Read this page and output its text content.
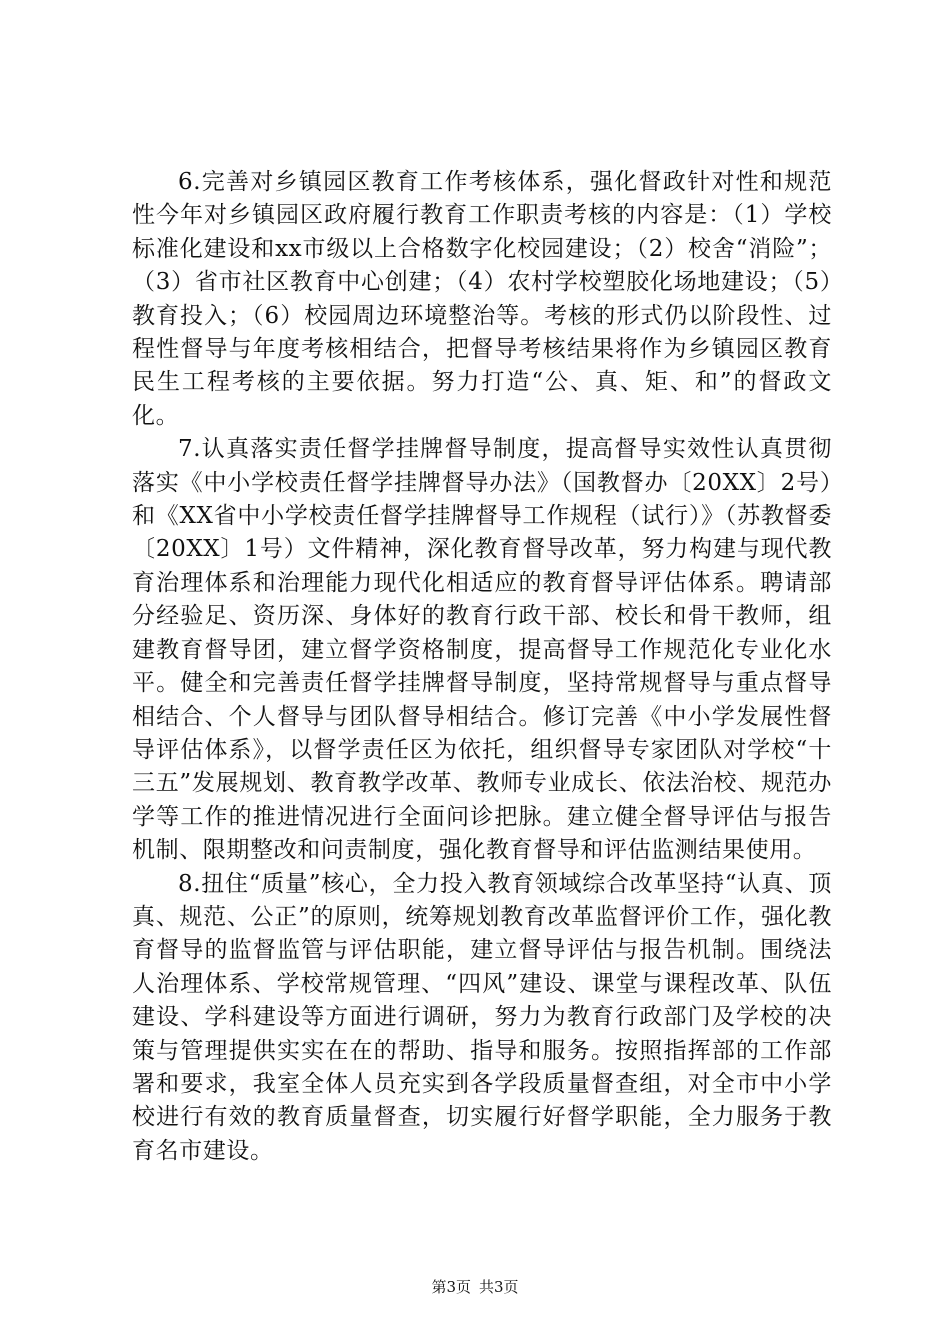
6.完善对乡镇园区教育工作考核体系，强化督政针对性和规范性今年对乡镇园区政府履行教育工作职责考核的内容是：（1）学校标准化建设和xx市级以上合格数字化校园建设；（2）校舍“消险”；（3）省市社区教育中心创建；（4）农村学校塑胶化场地建设；（5）教育投入；（6）校园周边环境整治等。考核的形式仍以阶段性、过程性督导与年度考核相结合，把督导考核结果将作为乡镇园区教育民生工程考核的主要依据。努力打造“公、真、矩、和”的督政文化。

7.认真落实责任督学挂牌督导制度，提高督导实效性认真贯彻落实《中小学校责任督学挂牌督导办法》（国教督办〔20XX〕2号）和《XX省中小学校责任督学挂牌督导工作规程（试行）》（苏教督委〔20XX〕1号）文件精神，深化教育督导改革，努力构建与现代教育治理体系和治理能力现代化相适应的教育督导评估体系。聘请部分经验足、资历深、身体好的教育行政干部、校长和骨干教师，组建教育督导团，建立督学资格制度，提高督导工作规范化专业化水平。健全和完善责任督学挂牌督导制度，坚持常规督导与重点督导相结合、个人督导与团队督导相结合。修订完善《中小学发展性督导评估体系》，以督学责任区为依托，组织督导专家团队对学校“十三五”发展规划、教育教学改革、教师专业成长、依法治校、规范办学等工作的推进情况进行全面问诊把脉。建立健全督导评估与报告机制、限期整改和问责制度，强化教育督导和评估监测结果使用。

8.扭住“质量”核心，全力投入教育领域综合改革坚持“认真、顶真、规范、公正”的原则，统筹规划教育改革监督评价工作，强化教育督导的监督监管与评估职能，建立督导评估与报告机制。围绕法人治理体系、学校常规管理、“四风”建设、课堂与课程改革、队伍建设、学科建设等方面进行调研，努力为教育行政部门及学校的决策与管理提供实实在在的帮助、指导和服务。按照指挥部的工作部署和要求，我室全体人员充实到各学段质量督查组，对全市中小学校进行有效的教育质量督查，切实履行好督学职能，全力服务于教育名市建设。

第3页 共3页
